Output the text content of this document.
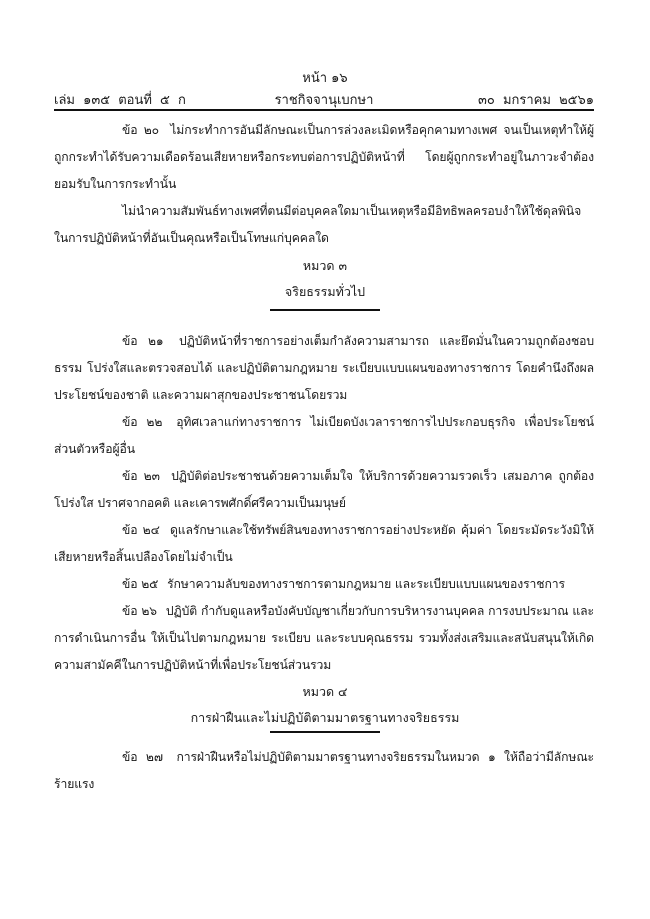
หน้า ๑๖
เล่ม ๑๓๕ ตอนที่ ๕ ก	ราชกิจจานุเบกษา	๓๐ มกราคม ๒๕๖๑

ข้อ ๒๐ ไม่กระทำการอันมีลักษณะเป็นการล่วงละเมิดหรือคุกคามทางเพศ จนเป็นเหตุทำให้ผู้ถูกกระทำได้รับความเดือดร้อนเสียหายหรือกระทบต่อการปฏิบัติหน้าที่ โดยผู้ถูกกระทำอยู่ในภาวะจำต้องยอมรับในการกระทำนั้น

ไม่นำความสัมพันธ์ทางเพศที่ตนมีต่อบุคคลใดมาเป็นเหตุหรือมีอิทธิพลครอบงำให้ใช้ดุลพินิจในการปฏิบัติหน้าที่อันเป็นคุณหรือเป็นโทษแก่บุคคลใด

หมวด ๓
จริยธรรมทั่วไป

ข้อ ๒๑ ปฏิบัติหน้าที่ราชการอย่างเต็มกำลังความสามารถ และยึดมั่นในความถูกต้องชอบธรรม โปร่งใสและตรวจสอบได้ และปฏิบัติตามกฎหมาย ระเบียบแบบแผนของทางราชการ โดยคำนึงถึงผลประโยชน์ของชาติ และความผาสุกของประชาชนโดยรวม

ข้อ ๒๒ อุทิศเวลาแก่ทางราชการ ไม่เบียดบังเวลาราชการไปประกอบธุรกิจ เพื่อประโยชน์ส่วนตัวหรือผู้อื่น

ข้อ ๒๓ ปฏิบัติต่อประชาชนด้วยความเต็มใจ ให้บริการด้วยความรวดเร็ว เสมอภาค ถูกต้อง โปร่งใส ปราศจากอคติ และเคารพศักดิ์ศรีความเป็นมนุษย์

ข้อ ๒๔ ดูแลรักษาและใช้ทรัพย์สินของทางราชการอย่างประหยัด คุ้มค่า โดยระมัดระวังมิให้เสียหายหรือสิ้นเปลืองโดยไม่จำเป็น

ข้อ ๒๕ รักษาความลับของทางราชการตามกฎหมาย และระเบียบแบบแผนของราชการ

ข้อ ๒๖ ปฏิบัติ กำกับดูแลหรือบังคับบัญชาเกี่ยวกับการบริหารงานบุคคล การงบประมาณ และการดำเนินการอื่น ให้เป็นไปตามกฎหมาย ระเบียบ และระบบคุณธรรม รวมทั้งส่งเสริมและสนับสนุนให้เกิดความสามัคคีในการปฏิบัติหน้าที่เพื่อประโยชน์ส่วนรวม

หมวด ๔
การฝ่าฝืนและไม่ปฏิบัติตามมาตรฐานทางจริยธรรม

ข้อ ๒๗ การฝ่าฝืนหรือไม่ปฏิบัติตามมาตรฐานทางจริยธรรมในหมวด ๑ ให้ถือว่ามีลักษณะร้ายแรง
